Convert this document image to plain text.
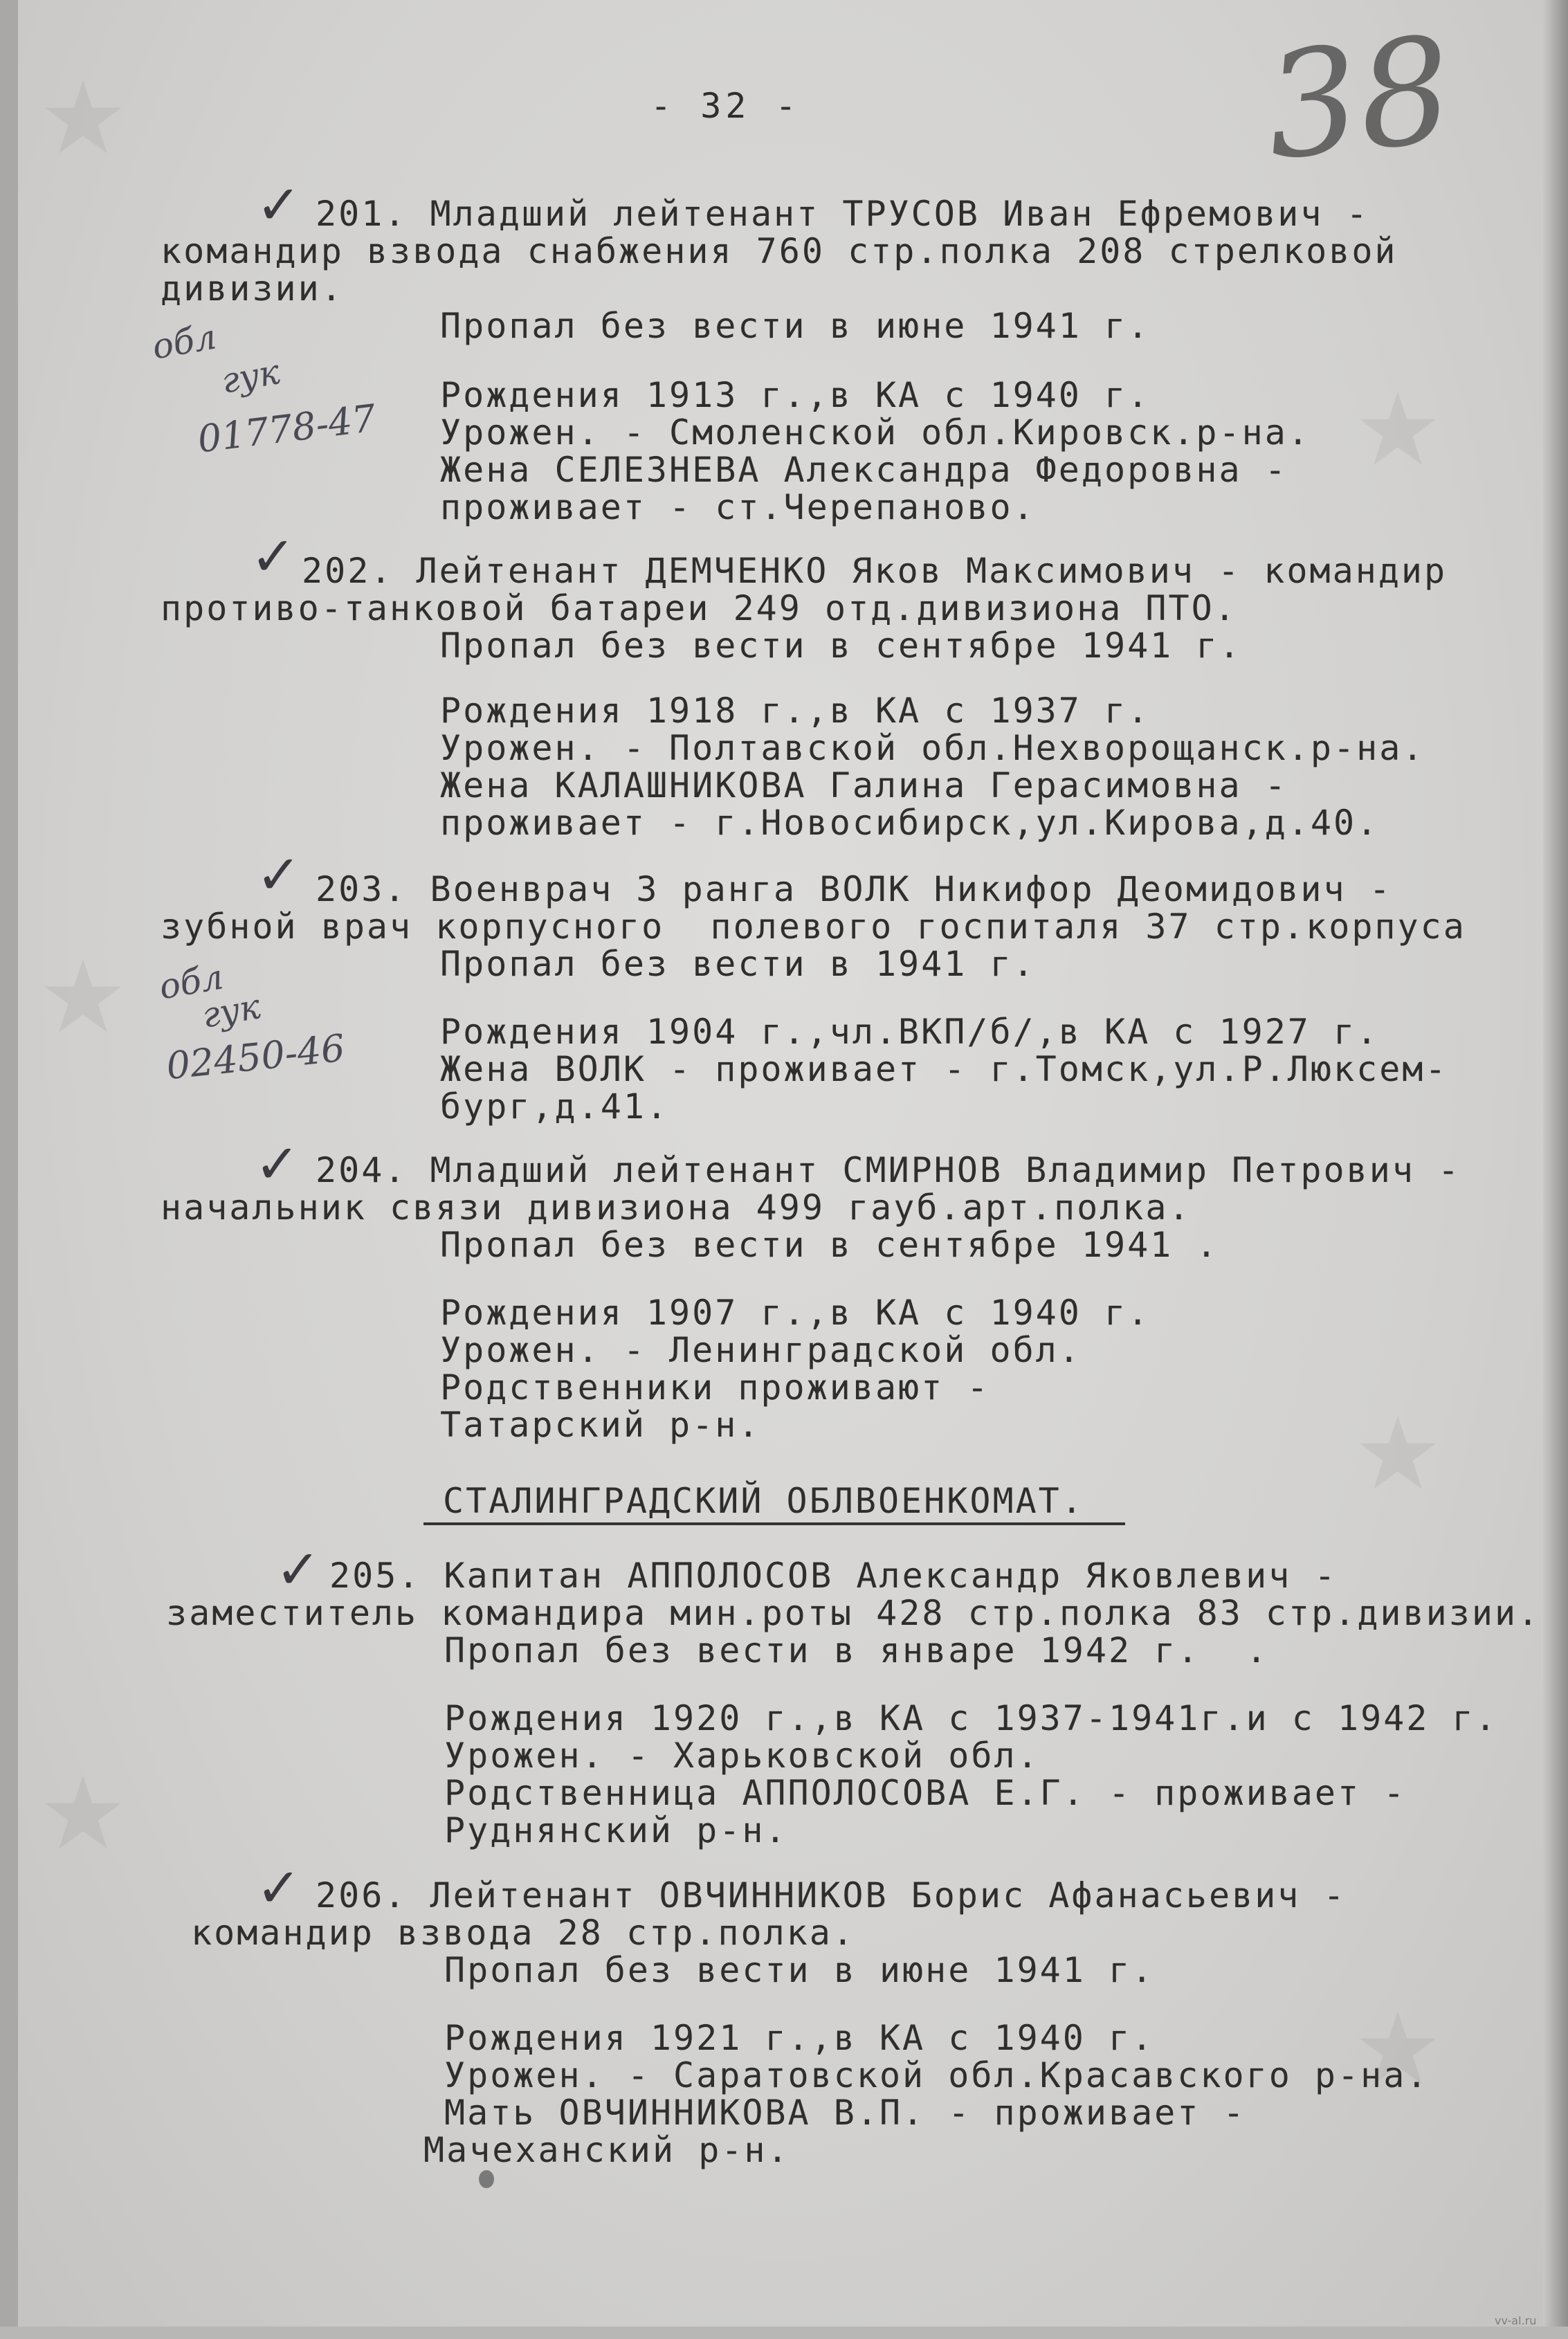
- 32 -	38
✓ 201. Младший лейтенант ТРУСОВ Иван Ефремович -
командир взвода снабжения 760 стр.полка 208 стрелковой
дивизии.
Пропал без вести в июне 1941 г.
Рождения 1913 г.,в КА с 1940 г.
Урожен. - Смоленской обл.Кировск.р-на.
Жена СЕЛЕЗНЕВА Александра Федоровна -
проживает - ст.Черепаново.
обл
гук
01778-47
✓ 202. Лейтенант ДЕМЧЕНКО Яков Максимович - командир
противо-танковой батареи 249 отд.дивизиона ПТО.
Пропал без вести в сентябре 1941 г.
Рождения 1918 г.,в КА с 1937 г.
Урожен. - Полтавской обл.Нехворощанск.р-на.
Жена КАЛАШНИКОВА Галина Герасимовна -
проживает - г.Новосибирск,ул.Кирова,д.40.
✓ 203. Военврач 3 ранга ВОЛК Никифор Деомидович -
зубной врач корпусного  полевого госпиталя 37 стр.корпуса
Пропал без вести в 1941 г.
Рождения 1904 г.,чл.ВКП/б/,в КА с 1927 г.
Жена ВОЛК - проживает - г.Томск,ул.Р.Люксем-
бург,д.41.
обл
гук
02450-46
✓ 204. Младший лейтенант СМИРНОВ Владимир Петрович -
начальник связи дивизиона 499 гауб.арт.полка.
Пропал без вести в сентябре 1941 .
Рождения 1907 г.,в КА с 1940 г.
Урожен. - Ленинградской обл.
Родственники проживают -
Татарский р-н.
СТАЛИНГРАДСКИЙ ОБЛВОЕНКОМАТ.
✓ 205. Капитан АППОЛОСОВ Александр Яковлевич -
заместитель командира мин.роты 428 стр.полка 83 стр.дивизии.
Пропал без вести в январе 1942 г.  .
Рождения 1920 г.,в КА с 1937-1941г.и с 1942 г.
Урожен. - Харьковской обл.
Родственница АППОЛОСОВА Е.Г. - проживает -
Руднянский р-н.
✓ 206. Лейтенант ОВЧИННИКОВ Борис Афанасьевич -
командир взвода 28 стр.полка.
Пропал без вести в июне 1941 г.
Рождения 1921 г.,в КА с 1940 г.
Урожен. - Саратовской обл.Красавского р-на.
Мать ОВЧИННИКОВА В.П. - проживает -
Мачеханский р-н.
vv-al.ru
